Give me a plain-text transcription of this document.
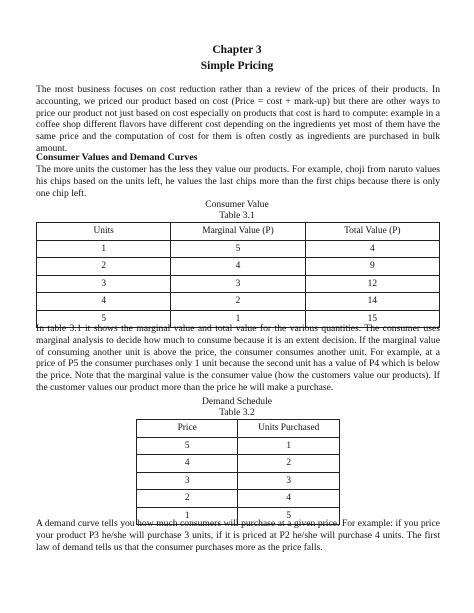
Chapter 3
Simple Pricing

The most business focuses on cost reduction rather than a review of the prices of their products. In accounting, we priced our product based on cost (Price = cost + mark-up) but there are other ways to price our product not just based on cost especially on products that cost is hard to compute: example in a coffee shop different flavors have different cost depending on the ingredients yet most of them have the same price and the computation of cost for them is often costly as ingredients are purchased in bulk amount.

Consumer Values and Demand Curves

The more units the customer has the less they value our products. For example, choji from naruto values his chips based on the units left, he values the last chips more than the first chips because there is only one chip left.

Consumer Value
Table 3.1
Units	Marginal Value (P)	Total Value (P)
1	5	4
2	4	9
3	3	12
4	2	14
5	1	15

In table 3.1 it shows the marginal value and total value for the various quantities. The consumer uses marginal analysis to decide how much to consume because it is an extent decision. If the marginal value of consuming another unit is above the price, the consumer consumes another unit. For example, at a price of P5 the consumer purchases only 1 unit because the second unit has a value of P4 which is below the price. Note that the marginal value is the consumer value (how the customers value our products). If the customer values our product more than the price he will make a purchase.

Demand Schedule
Table 3.2
Price	Units Purchased
5	1
4	2
3	3
2	4
1	5

A demand curve tells you how much consumers will purchase at a given price. For example: if you price your product P3 he/she will purchase 3 units, if it is priced at P2 he/she will purchase 4 units. The first law of demand tells us that the consumer purchases more as the price falls.
